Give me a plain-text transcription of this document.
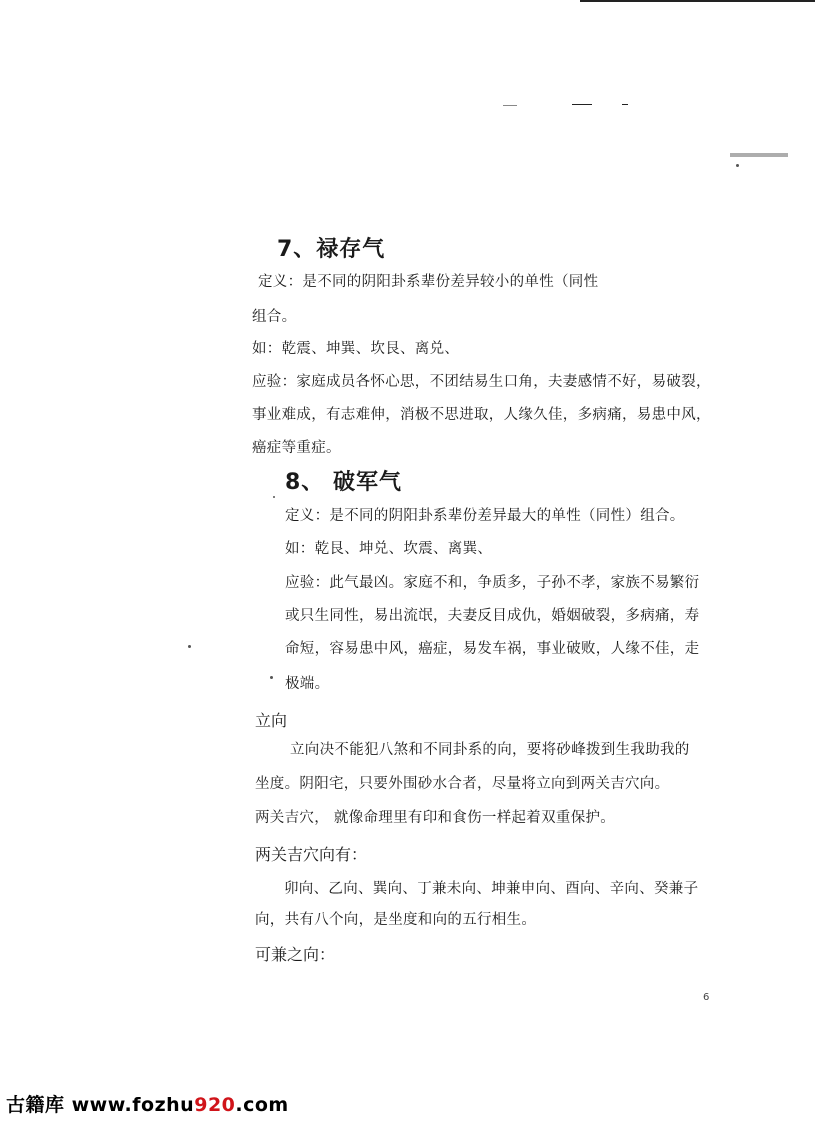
7、禄存气
定义：是不同的阴阳卦系辈份差异较小的单性（同性
组合。
如：乾震、坤巽、坎艮、离兑、
应验：家庭成员各怀心思，不团结易生口角，夫妻感情不好，易破裂，
事业难成，有志难伸，消极不思进取，人缘久佳，多病痛，易患中风，
癌症等重症。
8、 破军气
定义：是不同的阴阳卦系辈份差异最大的单性（同性）组合。
如：乾艮、坤兑、坎震、离巽、
应验：此气最凶。家庭不和，争质多，子孙不孝，家族不易繁衍
或只生同性，易出流氓，夫妻反目成仇，婚姻破裂，多病痛，寿
命短，容易患中风，癌症，易发车祸，事业破败，人缘不佳，走
极端。
立向
立向决不能犯八煞和不同卦系的向，要将砂峰拨到生我助我的
坐度。阴阳宅，只要外围砂水合者，尽量将立向到两关吉穴向。
两关吉穴， 就像命理里有印和食伤一样起着双重保护。
两关吉穴向有：
卯向、乙向、巽向、丁兼未向、坤兼申向、酉向、辛向、癸兼子
向，共有八个向，是坐度和向的五行相生。
可兼之向：
6
古籍库 www.fozhu920.com
